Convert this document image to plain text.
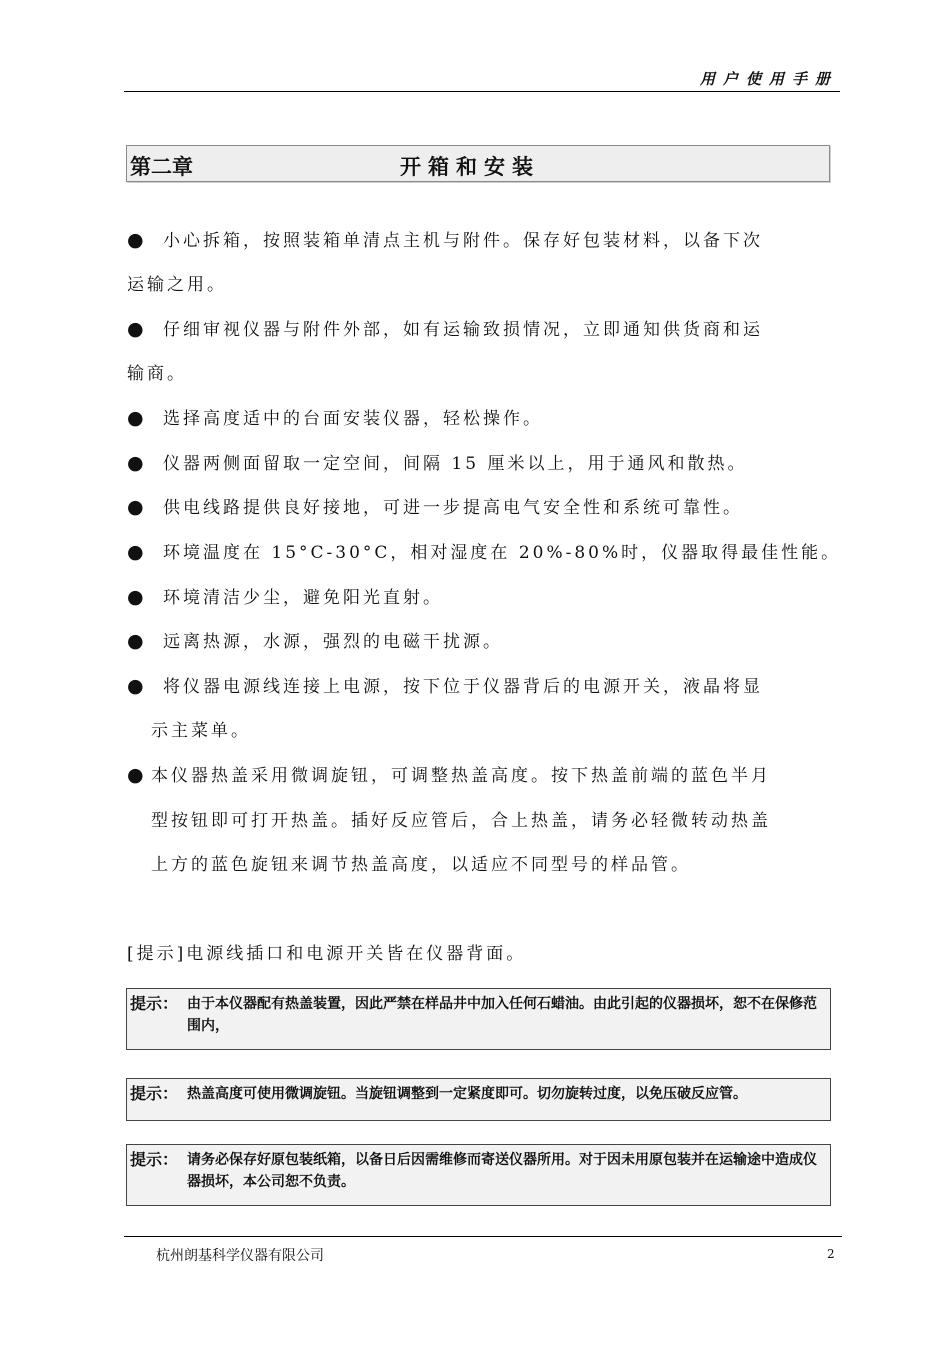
用户使用手册
第二章	开箱和安装
● 小心拆箱，按照装箱单清点主机与附件。保存好包装材料，以备下次
运输之用。
● 仔细审视仪器与附件外部，如有运输致损情况，立即通知供货商和运
输商。
● 选择高度适中的台面安装仪器，轻松操作。
● 仪器两侧面留取一定空间，间隔 15 厘米以上，用于通风和散热。
● 供电线路提供良好接地，可进一步提高电气安全性和系统可靠性。
● 环境温度在 15°C-30°C，相对湿度在 20%-80%时，仪器取得最佳性能。
● 环境清洁少尘，避免阳光直射。
● 远离热源，水源，强烈的电磁干扰源。
● 将仪器电源线连接上电源，按下位于仪器背后的电源开关，液晶将显
示主菜单。
● 本仪器热盖采用微调旋钮，可调整热盖高度。按下热盖前端的蓝色半月
型按钮即可打开热盖。插好反应管后，合上热盖，请务必轻微转动热盖
上方的蓝色旋钮来调节热盖高度，以适应不同型号的样品管。
[提示]电源线插口和电源开关皆在仪器背面。
提示： 由于本仪器配有热盖装置，因此严禁在样品井中加入任何石蜡油。由此引起的仪器损坏，恕不在保修范围内，
提示： 热盖高度可使用微调旋钮。当旋钮调整到一定紧度即可。切勿旋转过度，以免压破反应管。
提示： 请务必保存好原包装纸箱，以备日后因需维修而寄送仪器所用。对于因未用原包装并在运输途中造成仪器损坏，本公司恕不负责。
杭州朗基科学仪器有限公司	2
